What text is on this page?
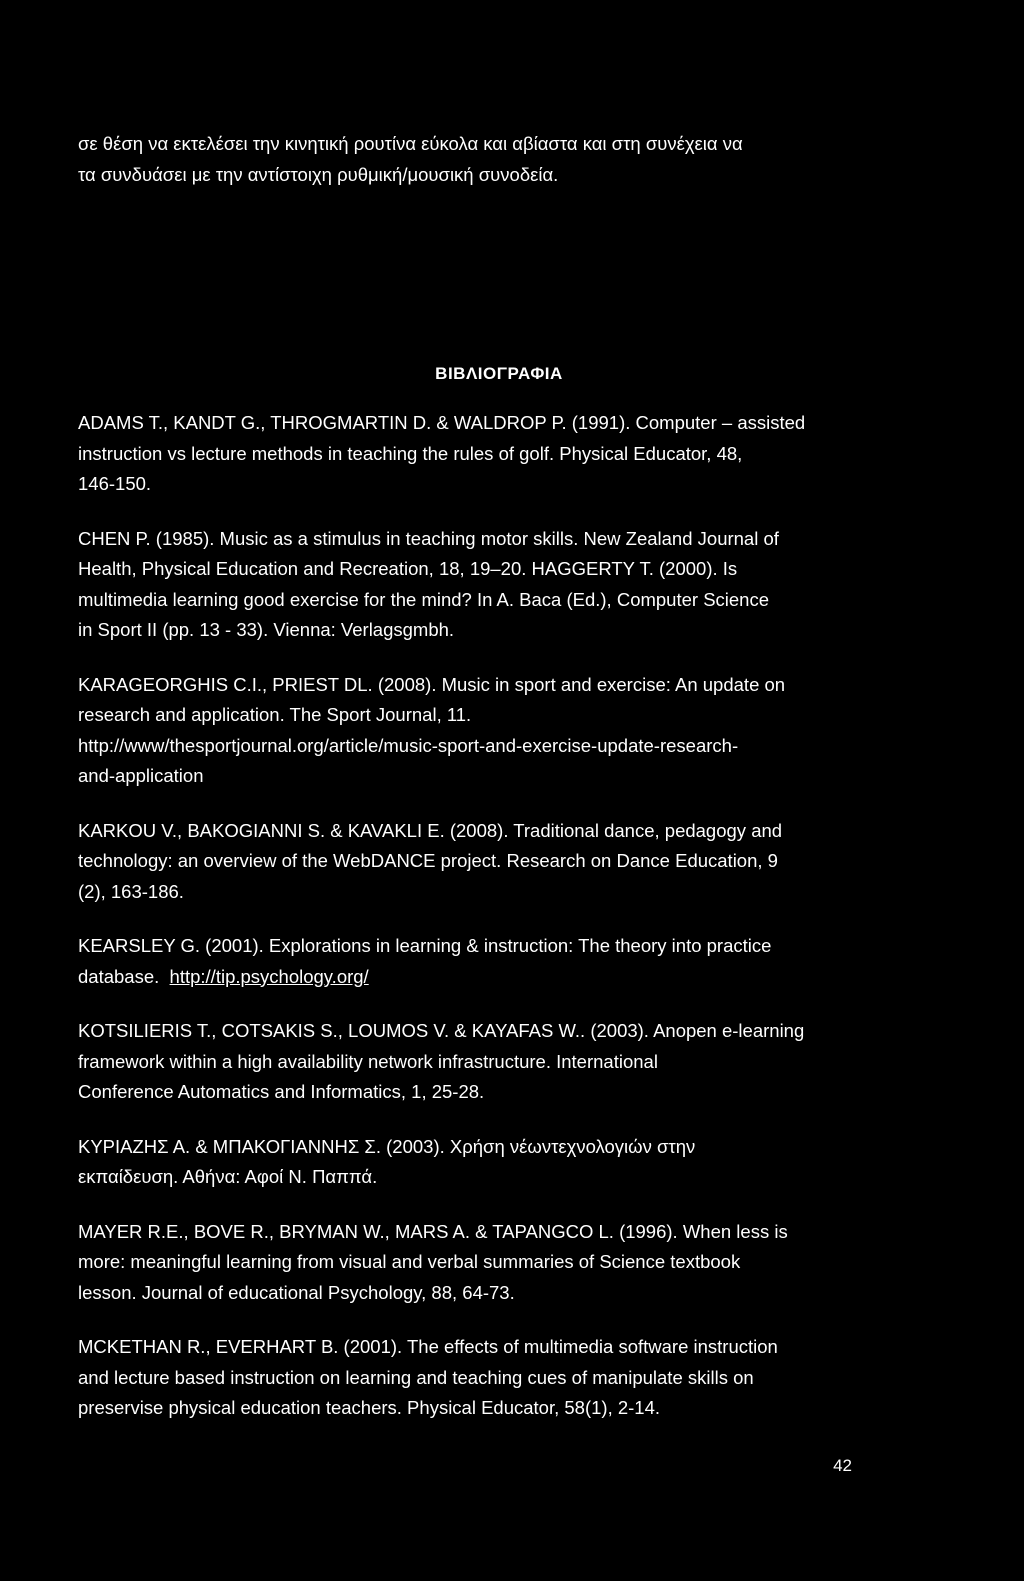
σε θέση να εκτελέσει την κινητική ρουτίνα εύκολα και αβίαστα και στη συνέχεια να
τα συνδυάσει με την αντίστοιχη ρυθμική/μουσική συνοδεία.

ΒΙΒΛΙΟΓΡΑΦΙΑ

ADAMS T., KANDT G., THROGMARTIN D. & WALDROP P. (1991). Computer – assisted
instruction vs lecture methods in teaching the rules of golf. Physical Educator, 48,
146-150.

CHEN P. (1985). Music as a stimulus in teaching motor skills. New Zealand Journal of
Health, Physical Education and Recreation, 18, 19–20. HAGGERTY T. (2000). Is
multimedia learning good exercise for the mind? In A. Baca (Ed.), Computer Science
in Sport II (pp. 13 - 33). Vienna: Verlagsgmbh.

KARAGEORGHIS C.I., PRIEST DL. (2008). Music in sport and exercise: An update on
research and application. The Sport Journal, 11.
http://www/thesportjournal.org/article/music-sport-and-exercise-update-research-
and-application

KARKOU V., BAKOGIANNI S. & KAVAKLI E. (2008). Traditional dance, pedagogy and
technology: an overview of the WebDANCE project. Research on Dance Education, 9
(2), 163-186.

KEARSLEY G. (2001). Explorations in learning & instruction: The theory into practice
database. http://tip.psychology.org/

KOTSILIERIS T., COTSAKIS S., LOUMOS V. & KAYAFAS W.. (2003). Anopen e-learning
framework within a high availability network infrastructure. International
Conference Automatics and Informatics, 1, 25-28.

ΚΥΡΙΑΖΗΣ Α. & ΜΠΑΚΟΓΙΑΝΝΗΣ Σ. (2003). Χρήση νέωντεχνολογιών στην
εκπαίδευση. Αθήνα: Αφοί Ν. Παππά.

MAYER R.E., BOVE R., BRYMAN W., MARS A. & TAPANGCO L. (1996). When less is
more: meaningful learning from visual and verbal summaries of Science textbook
lesson. Journal of educational Psychology, 88, 64-73.

MCKETHAN R., EVERHART B. (2001). The effects of multimedia software instruction
and lecture based instruction on learning and teaching cues of manipulate skills on
preservise physical education teachers. Physical Educator, 58(1), 2-14.

42
